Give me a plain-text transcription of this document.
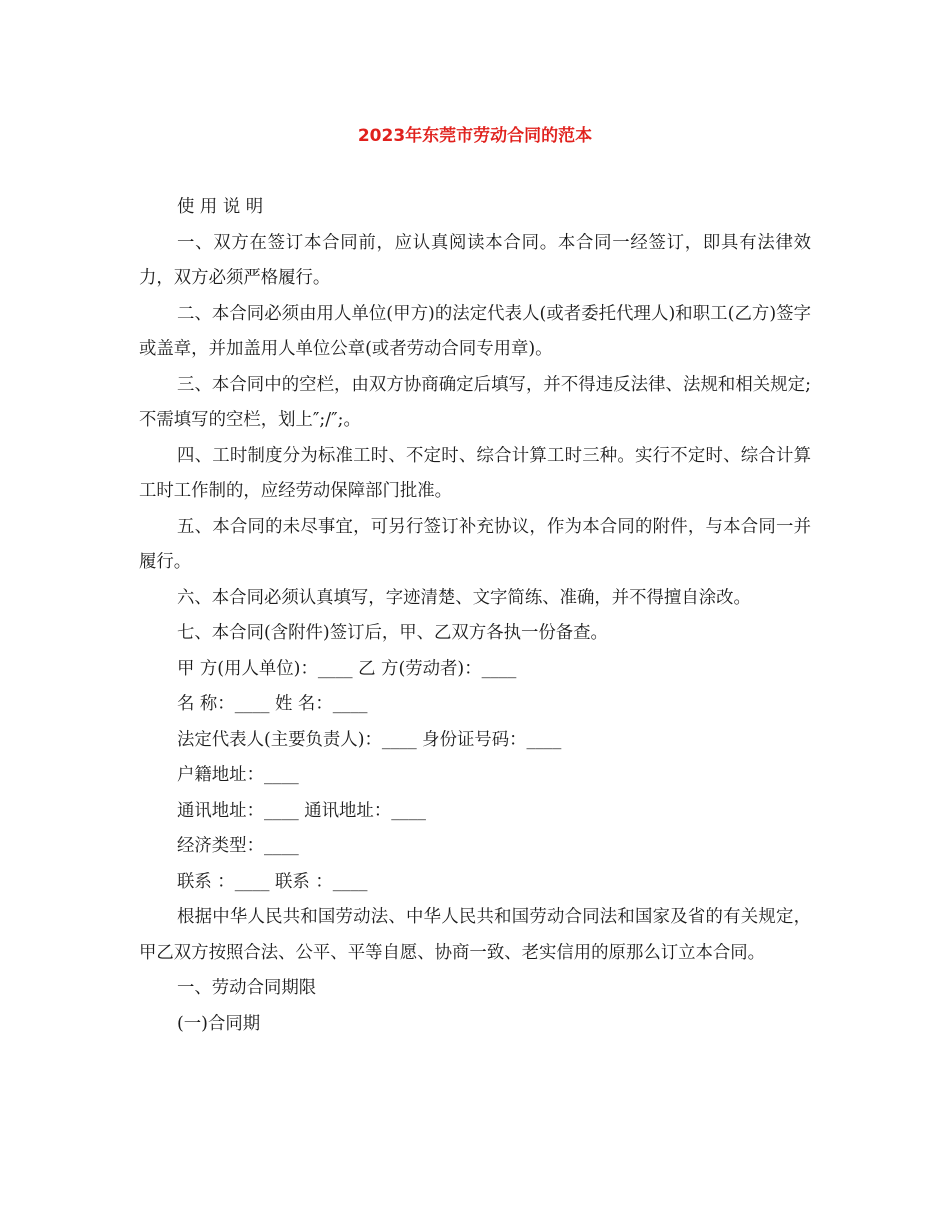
2023年东莞市劳动合同的范本

使 用 说 明

一、双方在签订本合同前，应认真阅读本合同。本合同一经签订，即具有法律效力，双方必须严格履行。

二、本合同必须由用人单位(甲方)的法定代表人(或者委托代理人)和职工(乙方)签字或盖章，并加盖用人单位公章(或者劳动合同专用章)。

三、本合同中的空栏，由双方协商确定后填写，并不得违反法律、法规和相关规定;不需填写的空栏，划上″;/″;。

四、工时制度分为标准工时、不定时、综合计算工时三种。实行不定时、综合计算工时工作制的，应经劳动保障部门批准。

五、本合同的未尽事宜，可另行签订补充协议，作为本合同的附件，与本合同一并履行。

六、本合同必须认真填写，字迹清楚、文字简练、准确，并不得擅自涂改。

七、本合同(含附件)签订后，甲、乙双方各执一份备查。

甲 方(用人单位)：____ 乙 方(劳动者)：____

名 称：____ 姓 名：____

法定代表人(主要负责人)：____ 身份证号码：____

户籍地址：____

通讯地址：____ 通讯地址：____

经济类型：____

联系 ：____ 联系 ：____

根据中华人民共和国劳动法、中华人民共和国劳动合同法和国家及省的有关规定，甲乙双方按照合法、公平、平等自愿、协商一致、老实信用的原那么订立本合同。

一、劳动合同期限

(一)合同期
